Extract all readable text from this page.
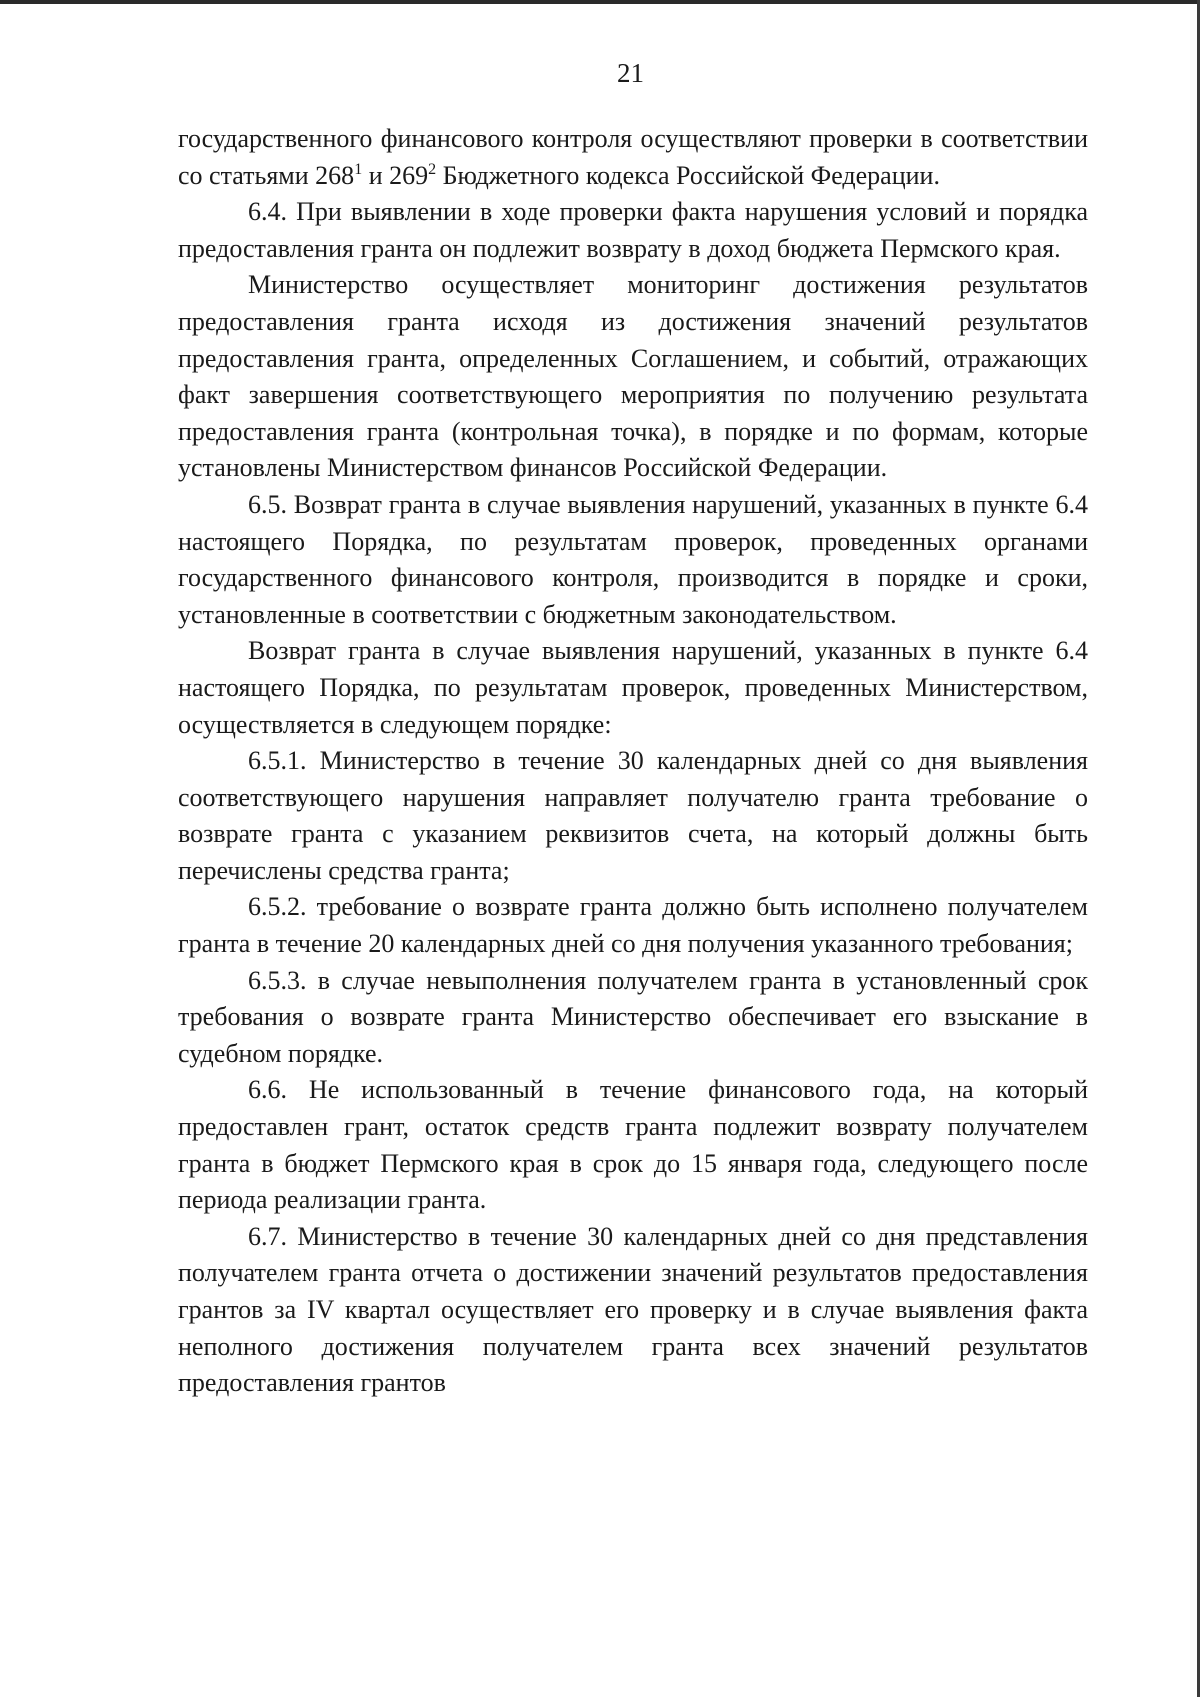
21

государственного финансового контроля осуществляют проверки в соответствии со статьями $268^1$ и $269^2$ Бюджетного кодекса Российской Федерации.

6.4. При выявлении в ходе проверки факта нарушения условий и порядка предоставления гранта он подлежит возврату в доход бюджета Пермского края.

Министерство осуществляет мониторинг достижения результатов предоставления гранта исходя из достижения значений результатов предоставления гранта, определенных Соглашением, и событий, отражающих факт завершения соответствующего мероприятия по получению результата предоставления гранта (контрольная точка), в порядке и по формам, которые установлены Министерством финансов Российской Федерации.

6.5. Возврат гранта в случае выявления нарушений, указанных в пункте 6.4 настоящего Порядка, по результатам проверок, проведенных органами государственного финансового контроля, производится в порядке и сроки, установленные в соответствии с бюджетным законодательством.

Возврат гранта в случае выявления нарушений, указанных в пункте 6.4 настоящего Порядка, по результатам проверок, проведенных Министерством, осуществляется в следующем порядке:

6.5.1. Министерство в течение 30 календарных дней со дня выявления соответствующего нарушения направляет получателю гранта требование о возврате гранта с указанием реквизитов счета, на который должны быть перечислены средства гранта;

6.5.2. требование о возврате гранта должно быть исполнено получателем гранта в течение 20 календарных дней со дня получения указанного требования;

6.5.3. в случае невыполнения получателем гранта в установленный срок требования о возврате гранта Министерство обеспечивает его взыскание в судебном порядке.

6.6. Не использованный в течение финансового года, на который предоставлен грант, остаток средств гранта подлежит возврату получателем гранта в бюджет Пермского края в срок до 15 января года, следующего после периода реализации гранта.

6.7. Министерство в течение 30 календарных дней со дня представления получателем гранта отчета о достижении значений результатов предоставления грантов за IV квартал осуществляет его проверку и в случае выявления факта неполного достижения получателем гранта всех значений результатов предоставления грантов
